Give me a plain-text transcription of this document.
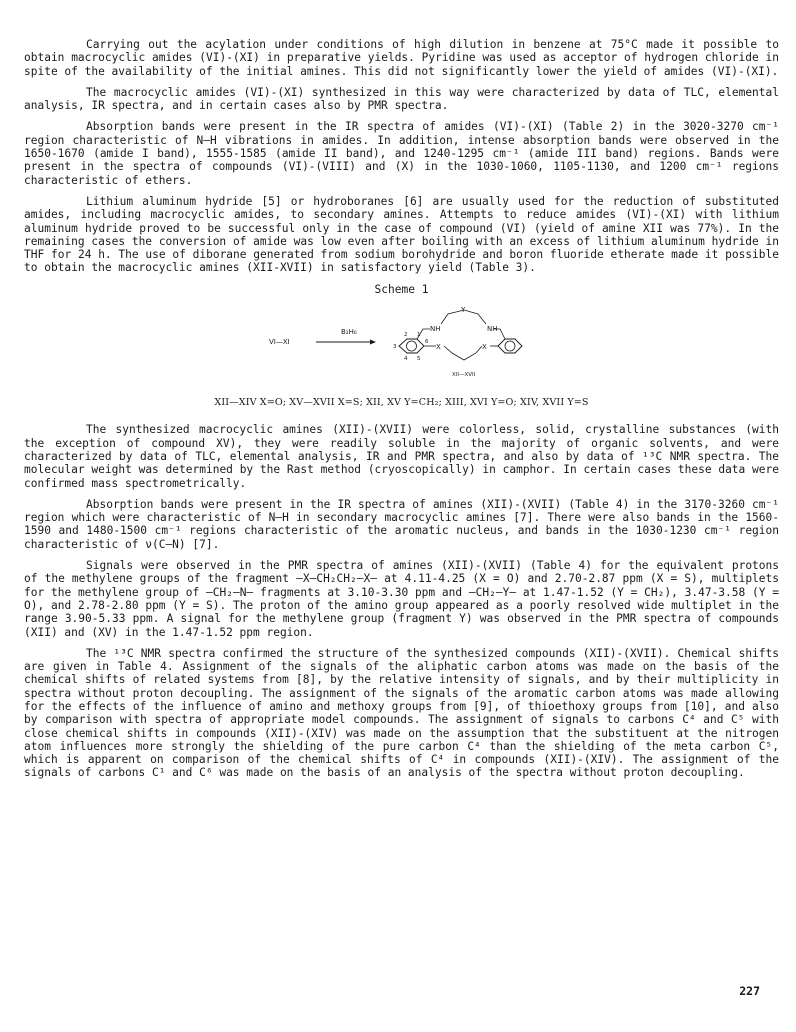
Carrying out the acylation under conditions of high dilution in benzene at 75°C made it possible to obtain macrocyclic amides (VI)-(XI) in preparative yields. Pyridine was used as acceptor of hydrogen chloride in spite of the availability of the initial amines. This did not significantly lower the yield of amides (VI)-(XI).

The macrocyclic amides (VI)-(XI) synthesized in this way were characterized by data of TLC, elemental analysis, IR spectra, and in certain cases also by PMR spectra.

Absorption bands were present in the IR spectra of amides (VI)-(XI) (Table 2) in the 3020-3270 cm⁻¹ region characteristic of N—H vibrations in amides. In addition, intense absorption bands were observed in the 1650-1670 (amide I band), 1555-1585 (amide II band), and 1240-1295 cm⁻¹ (amide III band) regions. Bands were present in the spectra of compounds (VI)-(VIII) and (X) in the 1030-1060, 1105-1130, and 1200 cm⁻¹ regions characteristic of ethers.

Lithium aluminum hydride [5] or hydroboranes [6] are usually used for the reduction of substituted amides, including macrocyclic amides, to secondary amines. Attempts to reduce amides (VI)-(XI) with lithium aluminum hydride proved to be successful only in the case of compound (VI) (yield of amine XII was 77%). In the remaining cases the conversion of amide was low even after boiling with an excess of lithium aluminum hydride in THF for 24 h. The use of diborane generated from sodium borohydride and boron fluoride etherate made it possible to obtain the macrocyclic amines (XII-XVII) in satisfactory yield (Table 3).

Scheme 1
VI—XI
B₂H₆	NH	NH
Y
X	X
1
2
3
4 5
6
XII—XVII
XII—XIV X=O; XV—XVII X=S; XII, XV Y=CH₂; XIII, XVI Y=O; XIV, XVII Y=S

The synthesized macrocyclic amines (XII)-(XVII) were colorless, solid, crystalline substances (with the exception of compound XV), they were readily soluble in the majority of organic solvents, and were characterized by data of TLC, elemental analysis, IR and PMR spectra, and also by data of ¹³C NMR spectra. The molecular weight was determined by the Rast method (cryoscopically) in camphor. In certain cases these data were confirmed mass spectrometrically.

Absorption bands were present in the IR spectra of amines (XII)-(XVII) (Table 4) in the 3170-3260 cm⁻¹ region which were characteristic of N—H in secondary macrocyclic amines [7]. There were also bands in the 1560-1590 and 1480-1500 cm⁻¹ regions characteristic of the aromatic nucleus, and bands in the 1030-1230 cm⁻¹ region characteristic of ν(C—N) [7].

Signals were observed in the PMR spectra of amines (XII)-(XVII) (Table 4) for the equivalent protons of the methylene groups of the fragment —X—CH₂CH₂—X— at 4.11-4.25 (X = O) and 2.70-2.87 ppm (X = S), multiplets for the methylene group of —CH₂—N— fragments at 3.10-3.30 ppm and —CH₂—Y— at 1.47-1.52 (Y = CH₂), 3.47-3.58 (Y = O), and 2.78-2.80 ppm (Y = S). The proton of the amino group appeared as a poorly resolved wide multiplet in the range 3.90-5.33 ppm. A signal for the methylene group (fragment Y) was observed in the PMR spectra of compounds (XII) and (XV) in the 1.47-1.52 ppm region.

The ¹³C NMR spectra confirmed the structure of the synthesized compounds (XII)-(XVII). Chemical shifts are given in Table 4. Assignment of the signals of the aliphatic carbon atoms was made on the basis of the chemical shifts of related systems from [8], by the relative intensity of signals, and by their multiplicity in spectra without proton decoupling. The assignment of the signals of the aromatic carbon atoms was made allowing for the effects of the influence of amino and methoxy groups from [9], of thioethoxy groups from [10], and also by comparison with spectra of appropriate model compounds. The assignment of signals to carbons C⁴ and C⁵ with close chemical shifts in compounds (XII)-(XIV) was made on the assumption that the substituent at the nitrogen atom influences more strongly the shielding of the pure carbon C⁴ than the shielding of the meta carbon C⁵, which is apparent on comparison of the chemical shifts of C⁴ in compounds (XII)-(XIV). The assignment of the signals of carbons C¹ and C⁶ was made on the basis of an analysis of the spectra without proton decoupling.

227
